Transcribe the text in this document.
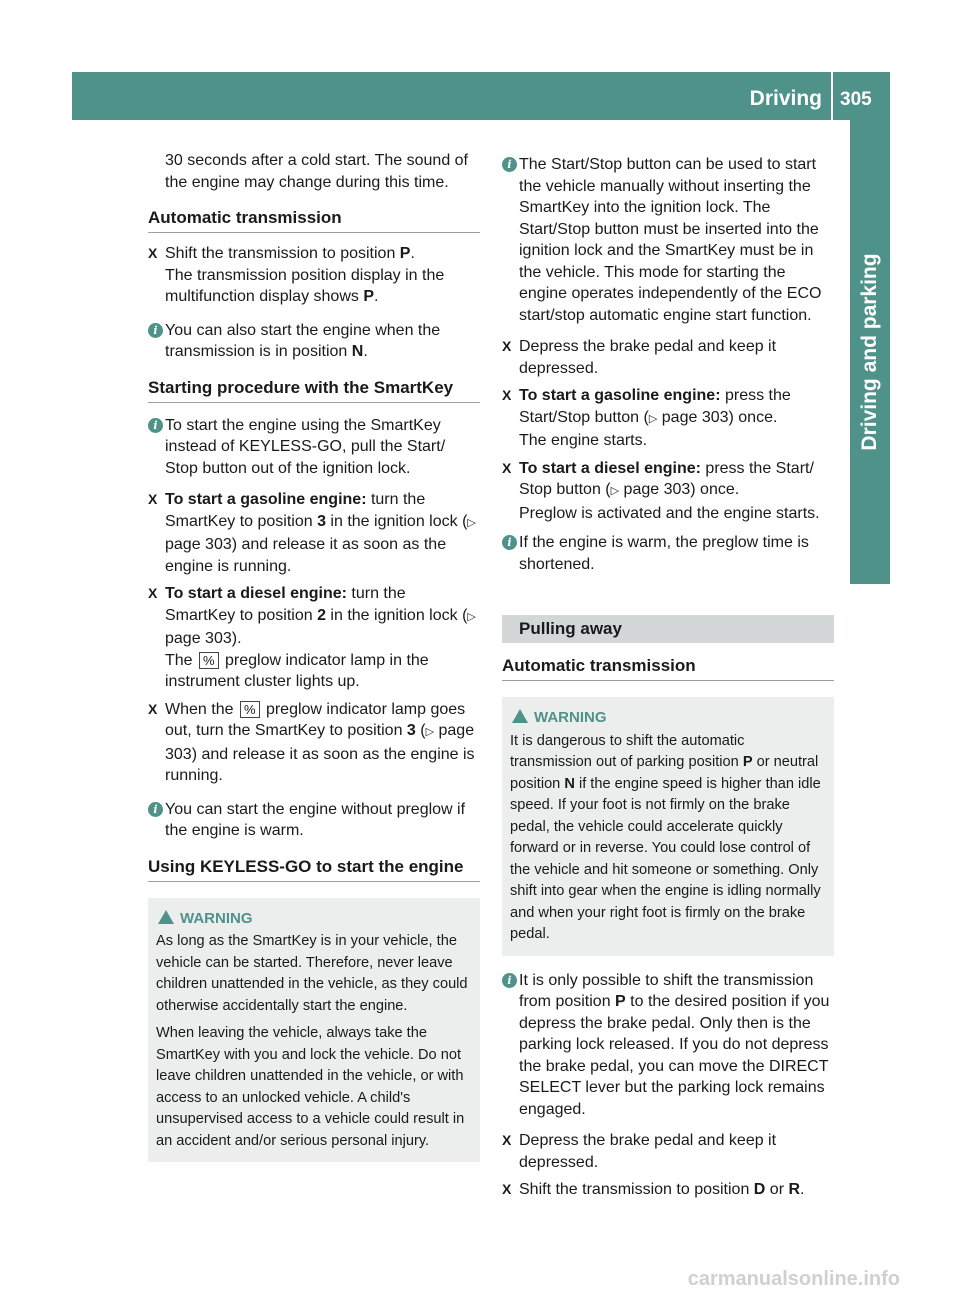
Driving 305
Driving and parking

30 seconds after a cold start. The sound of the engine may change during this time.

Automatic transmission
X Shift the transmission to position P.
The transmission position display in the multifunction display shows P.
i You can also start the engine when the transmission is in position N.
Starting procedure with the SmartKey
i To start the engine using the SmartKey instead of KEYLESS-GO, pull the Start/ Stop button out of the ignition lock.
X To start a gasoline engine: turn the SmartKey to position 3 in the ignition lock (▷ page 303) and release it as soon as the engine is running.
X To start a diesel engine: turn the SmartKey to position 2 in the ignition lock (▷ page 303).
The % preglow indicator lamp in the instrument cluster lights up.
X When the % preglow indicator lamp goes out, turn the SmartKey to position 3 (▷ page 303) and release it as soon as the engine is running.
i You can start the engine without preglow if the engine is warm.
Using KEYLESS-GO to start the engine
WARNING

As long as the SmartKey is in your vehicle, the vehicle can be started. Therefore, never leave children unattended in the vehicle, as they could otherwise accidentally start the engine.

When leaving the vehicle, always take the SmartKey with you and lock the vehicle. Do not leave children unattended in the vehicle, or with access to an unlocked vehicle. A child's unsupervised access to a vehicle could result in an accident and/or serious personal injury.

i The Start/Stop button can be used to start the vehicle manually without inserting the SmartKey into the ignition lock. The Start/Stop button must be inserted into the ignition lock and the SmartKey must be in the vehicle. This mode for starting the engine operates independently of the ECO start/stop automatic engine start function.
X Depress the brake pedal and keep it depressed.
X To start a gasoline engine: press the Start/Stop button (▷ page 303) once.
The engine starts.
X To start a diesel engine: press the Start/ Stop button (▷ page 303) once.
Preglow is activated and the engine starts.
i If the engine is warm, the preglow time is shortened.
Pulling away
Automatic transmission
WARNING

It is dangerous to shift the automatic transmission out of parking position P or neutral position N if the engine speed is higher than idle speed. If your foot is not firmly on the brake pedal, the vehicle could accelerate quickly forward or in reverse. You could lose control of the vehicle and hit someone or something. Only shift into gear when the engine is idling normally and when your right foot is firmly on the brake pedal.

i It is only possible to shift the transmission from position P to the desired position if you depress the brake pedal. Only then is the parking lock released. If you do not depress the brake pedal, you can move the DIRECT SELECT lever but the parking lock remains engaged.
X Depress the brake pedal and keep it depressed.
X Shift the transmission to position D or R.
carmanualsonline.info
